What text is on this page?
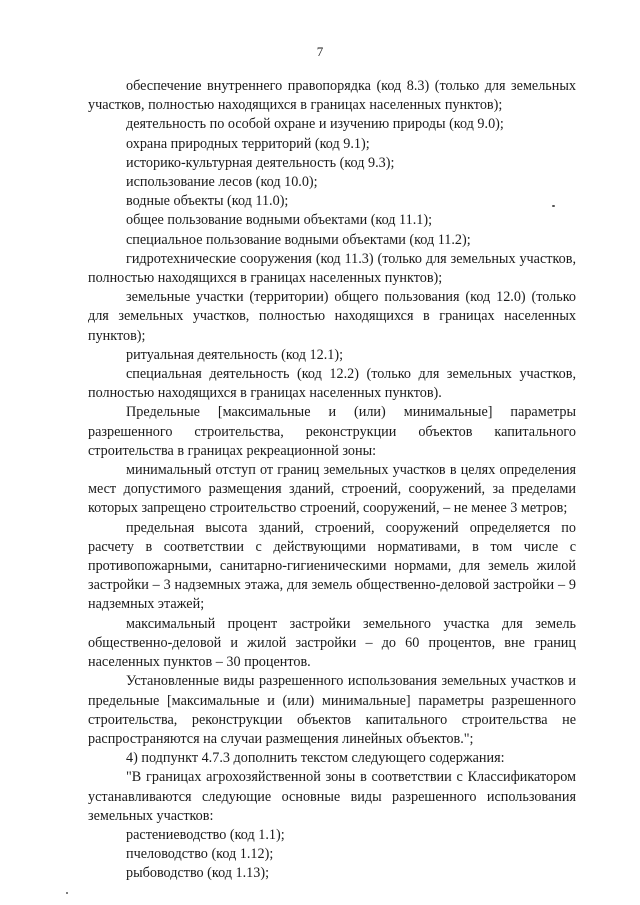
7

обеспечение внутреннего правопорядка (код 8.3) (только для земельных участков, полностью находящихся в границах населенных пунктов);

деятельность по особой охране и изучению природы (код 9.0);

охрана природных территорий (код 9.1);

историко-культурная деятельность (код 9.3);

использование лесов (код 10.0);

водные объекты (код 11.0);

общее пользование водными объектами (код 11.1);

специальное пользование водными объектами (код 11.2);

гидротехнические сооружения (код 11.3) (только для земельных участков, полностью находящихся в границах населенных пунктов);

земельные участки (территории) общего пользования (код 12.0) (только для земельных участков, полностью находящихся в границах населенных пунктов);

ритуальная деятельность (код 12.1);

специальная деятельность (код 12.2) (только для земельных участков, полностью находящихся в границах населенных пунктов).

Предельные [максимальные и (или) минимальные] параметры разрешенного строительства, реконструкции объектов капитального строительства в границах рекреационной зоны:

минимальный отступ от границ земельных участков в целях определения мест допустимого размещения зданий, строений, сооружений, за пределами которых запрещено строительство строений, сооружений, – не менее 3 метров;

предельная высота зданий, строений, сооружений определяется по расчету в соответствии с действующими нормативами, в том числе с противопожарными, санитарно-гигиеническими нормами, для земель жилой застройки – 3 надземных этажа, для земель общественно-деловой застройки – 9 надземных этажей;

максимальный процент застройки земельного участка для земель общественно-деловой и жилой застройки – до 60 процентов, вне границ населенных пунктов – 30 процентов.

Установленные виды разрешенного использования земельных участков и предельные [максимальные и (или) минимальные] параметры разрешенного строительства, реконструкции объектов капитального строительства не распространяются на случаи размещения линейных объектов.";

4) подпункт 4.7.3 дополнить текстом следующего содержания:

"В границах агрохозяйственной зоны в соответствии с Классификатором устанавливаются следующие основные виды разрешенного использования земельных участков:

растениеводство (код 1.1);

пчеловодство (код 1.12);

рыбоводство (код 1.13);
